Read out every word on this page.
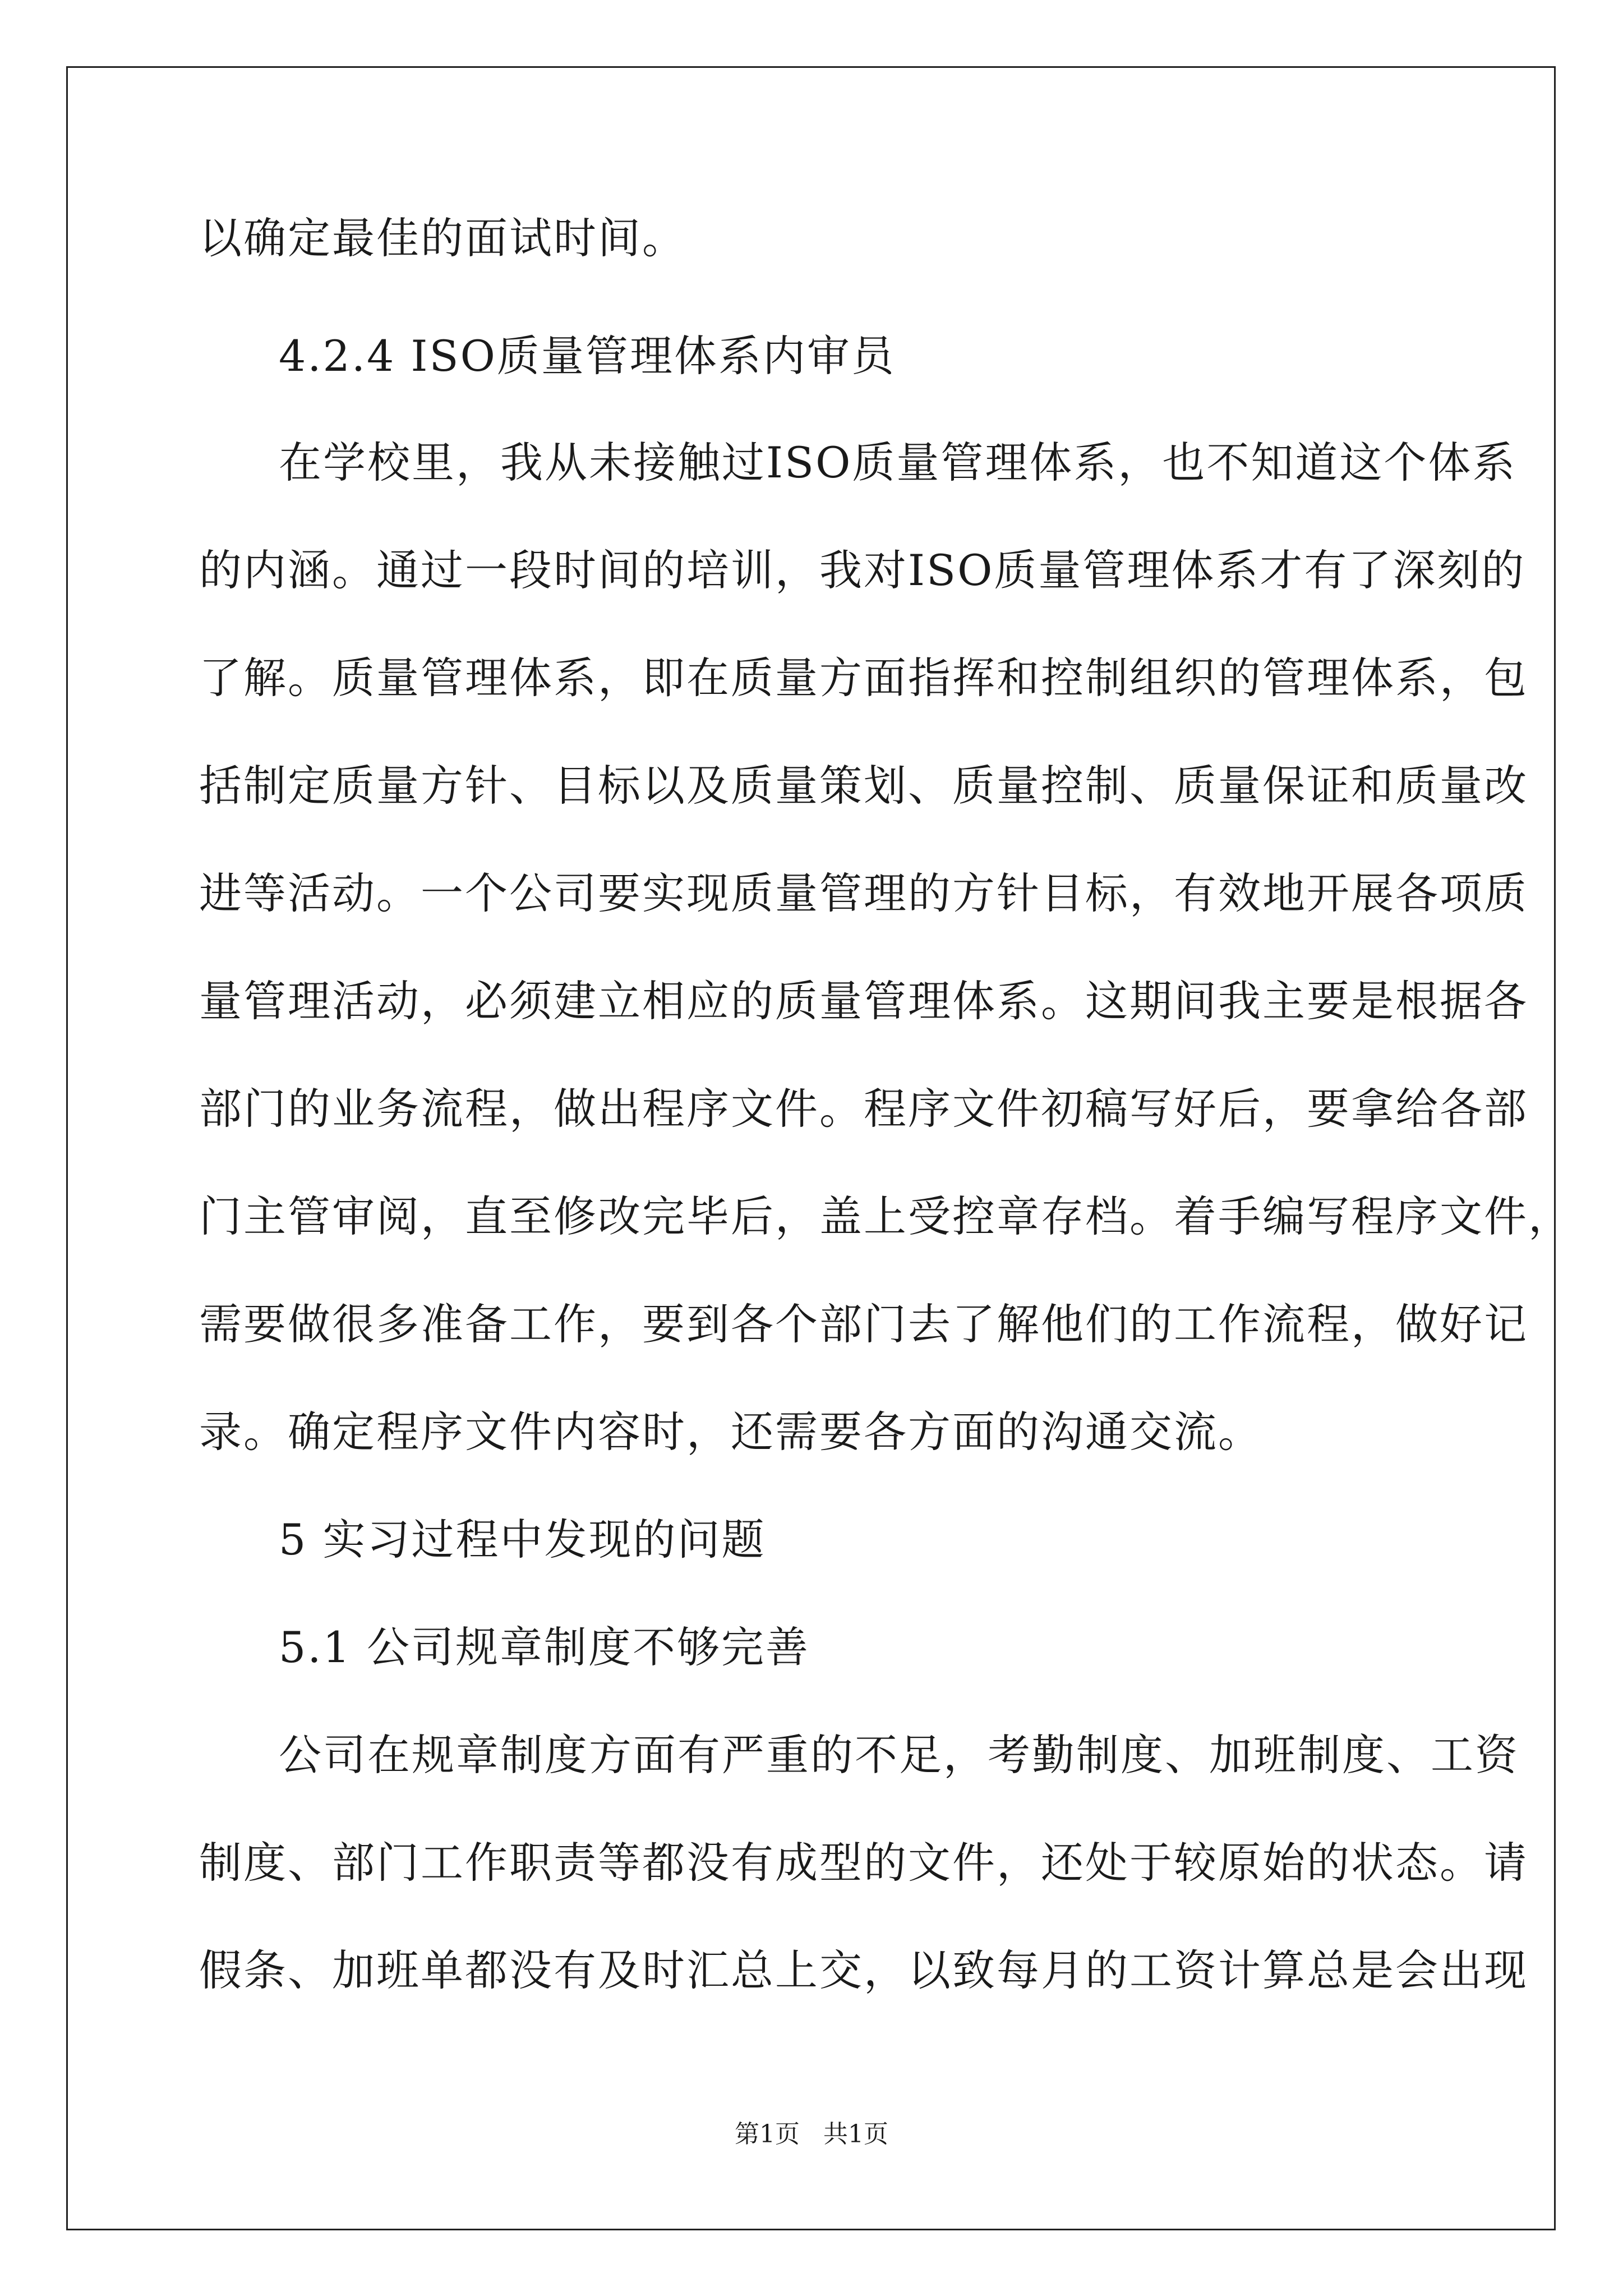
以确定最佳的面试时间。
4.2.4 ISO质量管理体系内审员
在学校里，我从未接触过ISO质量管理体系，也不知道这个体系
的内涵。通过一段时间的培训，我对ISO质量管理体系才有了深刻的
了解。质量管理体系，即在质量方面指挥和控制组织的管理体系，包
括制定质量方针、目标以及质量策划、质量控制、质量保证和质量改
进等活动。一个公司要实现质量管理的方针目标，有效地开展各项质
量管理活动，必须建立相应的质量管理体系。这期间我主要是根据各
部门的业务流程，做出程序文件。程序文件初稿写好后，要拿给各部
门主管审阅，直至修改完毕后，盖上受控章存档。着手编写程序文件，
需要做很多准备工作，要到各个部门去了解他们的工作流程，做好记
录。确定程序文件内容时，还需要各方面的沟通交流。
5 实习过程中发现的问题
5.1 公司规章制度不够完善
公司在规章制度方面有严重的不足，考勤制度、加班制度、工资
制度、部门工作职责等都没有成型的文件，还处于较原始的状态。请
假条、加班单都没有及时汇总上交，以致每月的工资计算总是会出现
第1页   共1页
